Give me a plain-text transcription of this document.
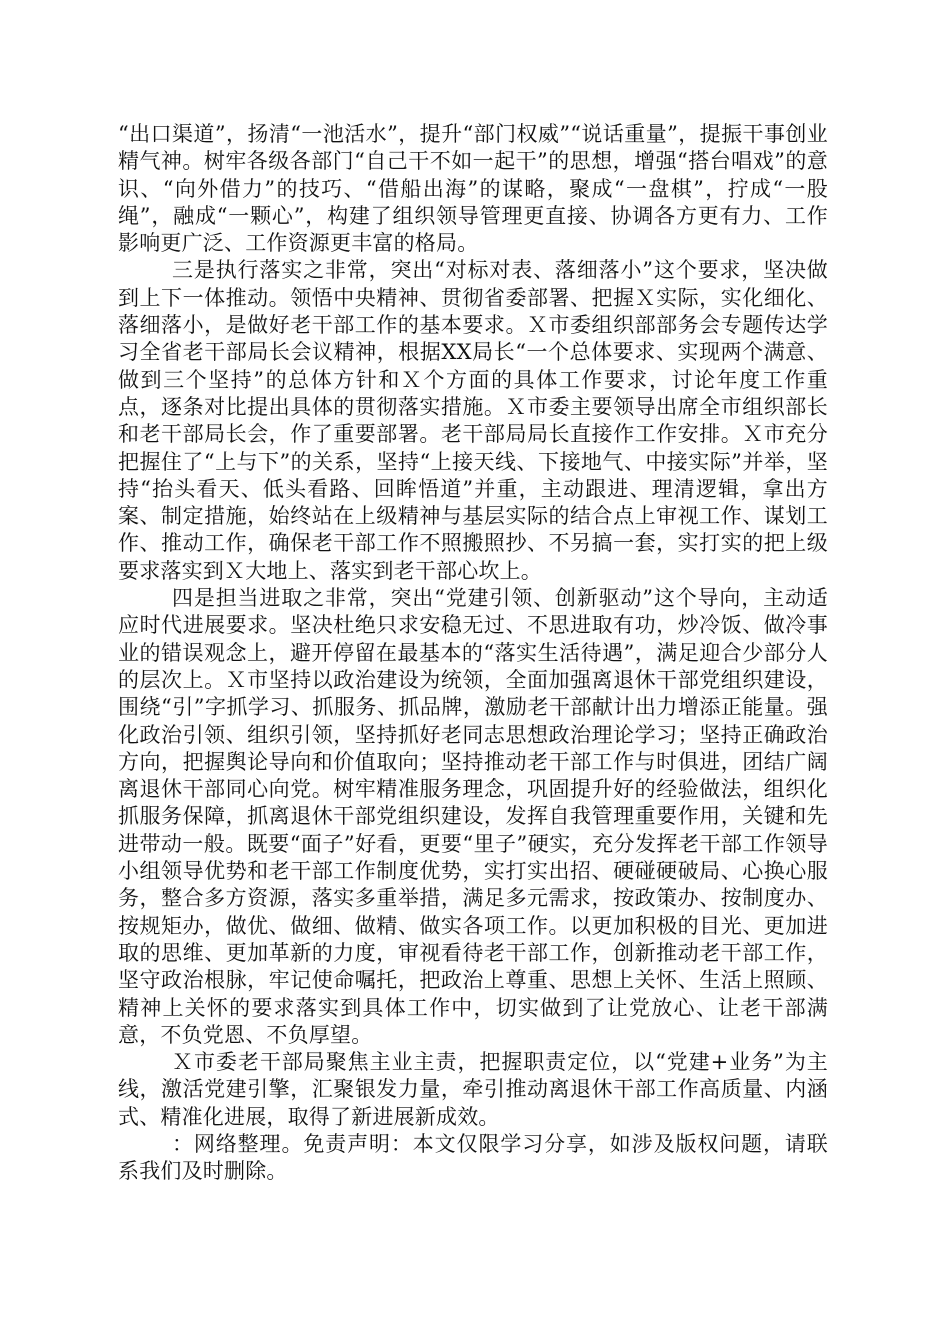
“出口渠道”，扬清“一池活水”，提升“部门权威”“说话重量”，提振干事创业精气神。树牢各级各部门“自己干不如一起干”的思想，增强“搭台唱戏”的意识、“向外借力”的技巧、“借船出海”的谋略，聚成“一盘棋”，拧成“一股绳”，融成“一颗心”，构建了组织领导管理更直接、协调各方更有力、工作影响更广泛、工作资源更丰富的格局。

三是执行落实之非常，突出“对标对表、落细落小”这个要求，坚决做到上下一体推动。领悟中央精神、贯彻省委部署、把握Ｘ实际，实化细化、落细落小，是做好老干部工作的基本要求。Ｘ市委组织部部务会专题传达学习全省老干部局长会议精神，根据XX局长“一个总体要求、实现两个满意、做到三个坚持”的总体方针和Ｘ个方面的具体工作要求，讨论年度工作重点，逐条对比提出具体的贯彻落实措施。Ｘ市委主要领导出席全市组织部长和老干部局长会，作了重要部署。老干部局局长直接作工作安排。Ｘ市充分把握住了“上与下”的关系，坚持“上接天线、下接地气、中接实际”并举，坚持“抬头看天、低头看路、回眸悟道”并重，主动跟进、理清逻辑，拿出方案、制定措施，始终站在上级精神与基层实际的结合点上审视工作、谋划工作、推动工作，确保老干部工作不照搬照抄、不另搞一套，实打实的把上级要求落实到Ｘ大地上、落实到老干部心坎上。

四是担当进取之非常，突出“党建引领、创新驱动”这个导向，主动适应时代进展要求。坚决杜绝只求安稳无过、不思进取有功，炒冷饭、做冷事业的错误观念上，避开停留在最基本的“落实生活待遇”，满足迎合少部分人的层次上。Ｘ市坚持以政治建设为统领，全面加强离退休干部党组织建设，围绕“引”字抓学习、抓服务、抓品牌，激励老干部献计出力增添正能量。强化政治引领、组织引领，坚持抓好老同志思想政治理论学习；坚持正确政治方向，把握舆论导向和价值取向；坚持推动老干部工作与时俱进，团结广阔离退休干部同心向党。树牢精准服务理念，巩固提升好的经验做法，组织化抓服务保障，抓离退休干部党组织建设，发挥自我管理重要作用，关键和先进带动一般。既要“面子”好看，更要“里子”硬实，充分发挥老干部工作领导小组领导优势和老干部工作制度优势，实打实出招、硬碰硬破局、心换心服务，整合多方资源，落实多重举措，满足多元需求，按政策办、按制度办、按规矩办，做优、做细、做精、做实各项工作。以更加积极的目光、更加进取的思维、更加革新的力度，审视看待老干部工作，创新推动老干部工作，坚守政治根脉，牢记使命嘱托，把政治上尊重、思想上关怀、生活上照顾、精神上关怀的要求落实到具体工作中，切实做到了让党放心、让老干部满意，不负党恩、不负厚望。

Ｘ市委老干部局聚焦主业主责，把握职责定位，以“党建+业务”为主线，激活党建引擎，汇聚银发力量，牵引推动离退休干部工作高质量、内涵式、精准化进展，取得了新进展新成效。

：网络整理。免责声明：本文仅限学习分享，如涉及版权问题，请联系我们及时删除。
